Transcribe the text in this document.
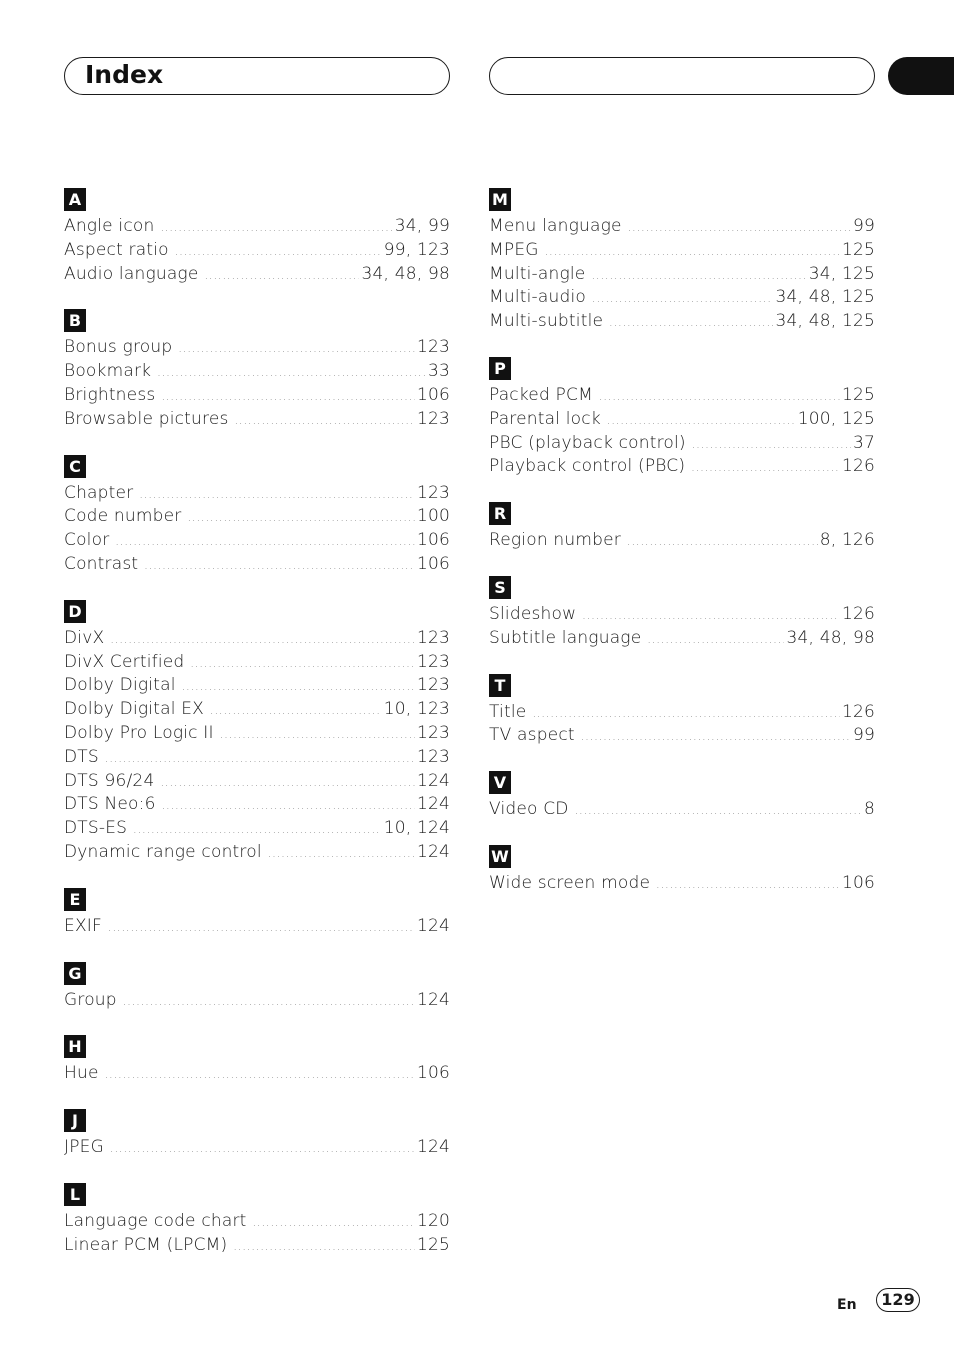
Index
A
Angle icon .....	34, 99
Aspect ratio .....	99, 123
Audio language .....	34, 48, 98
B
Bonus group .....	123
Bookmark .....	33
Brightness .....	106
Browsable pictures .....	123
C
Chapter .....	123
Code number .....	100
Color .....	106
Contrast .....	106
D
DivX .....	123
DivX Certified .....	123
Dolby Digital .....	123
Dolby Digital EX .....	10, 123
Dolby Pro Logic II .....	123
DTS .....	123
DTS 96/24 .....	124
DTS Neo:6 .....	124
DTS-ES .....	10, 124
Dynamic range control .....	124
E
EXIF .....	124
G
Group .....	124
H
Hue .....	106
J
JPEG .....	124
L
Language code chart .....	120
Linear PCM (LPCM) .....	125
M
Menu language .....	99
MPEG .....	125
Multi-angle .....	34, 125
Multi-audio .....	34, 48, 125
Multi-subtitle .....	34, 48, 125
P
Packed PCM .....	125
Parental lock .....	100, 125
PBC (playback control) .....	37
Playback control (PBC) .....	126
R
Region number .....	8, 126
S
Slideshow .....	126
Subtitle language .....	34, 48, 98
T
Title .....	126
TV aspect .....	99
V
Video CD .....	8
W
Wide screen mode .....	106
En	129
